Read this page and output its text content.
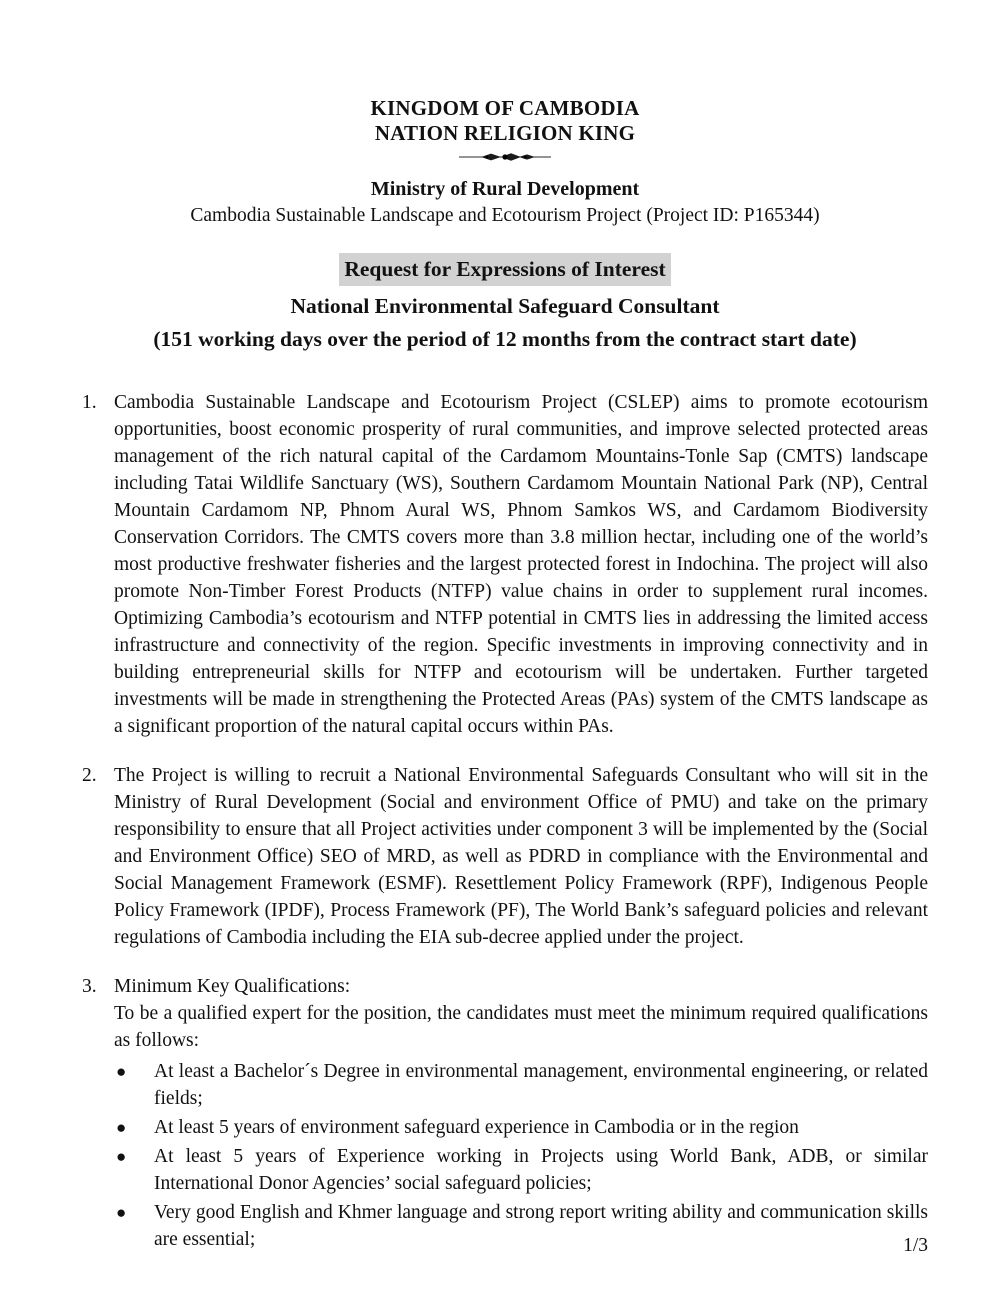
KINGDOM OF CAMBODIA
NATION RELIGION KING
Ministry of Rural Development
Cambodia Sustainable Landscape and Ecotourism Project (Project ID: P165344)
Request for Expressions of Interest
National Environmental Safeguard Consultant
(151 working days over the period of 12 months from the contract start date)
1. Cambodia Sustainable Landscape and Ecotourism Project (CSLEP) aims to promote ecotourism opportunities, boost economic prosperity of rural communities, and improve selected protected areas management of the rich natural capital of the Cardamom Mountains-Tonle Sap (CMTS) landscape including Tatai Wildlife Sanctuary (WS), Southern Cardamom Mountain National Park (NP), Central Mountain Cardamom NP, Phnom Aural WS, Phnom Samkos WS, and Cardamom Biodiversity Conservation Corridors. The CMTS covers more than 3.8 million hectar, including one of the world’s most productive freshwater fisheries and the largest protected forest in Indochina. The project will also promote Non-Timber Forest Products (NTFP) value chains in order to supplement rural incomes. Optimizing Cambodia’s ecotourism and NTFP potential in CMTS lies in addressing the limited access infrastructure and connectivity of the region. Specific investments in improving connectivity and in building entrepreneurial skills for NTFP and ecotourism will be undertaken. Further targeted investments will be made in strengthening the Protected Areas (PAs) system of the CMTS landscape as a significant proportion of the natural capital occurs within PAs.
2. The Project is willing to recruit a National Environmental Safeguards Consultant who will sit in the Ministry of Rural Development (Social and environment Office of PMU) and take on the primary responsibility to ensure that all Project activities under component 3 will be implemented by the (Social and Environment Office) SEO of MRD, as well as PDRD in compliance with the Environmental and Social Management Framework (ESMF). Resettlement Policy Framework (RPF), Indigenous People Policy Framework (IPDF), Process Framework (PF), The World Bank’s safeguard policies and relevant regulations of Cambodia including the EIA sub-decree applied under the project.
3. Minimum Key Qualifications:
To be a qualified expert for the position, the candidates must meet the minimum required qualifications as follows:
● At least a Bachelor´s Degree in environmental management, environmental engineering, or related fields;
● At least 5 years of environment safeguard experience in Cambodia or in the region
● At least 5 years of Experience working in Projects using World Bank, ADB, or similar International Donor Agencies’ social safeguard policies;
● Very good English and Khmer language and strong report writing ability and communication skills are essential;	1/3
